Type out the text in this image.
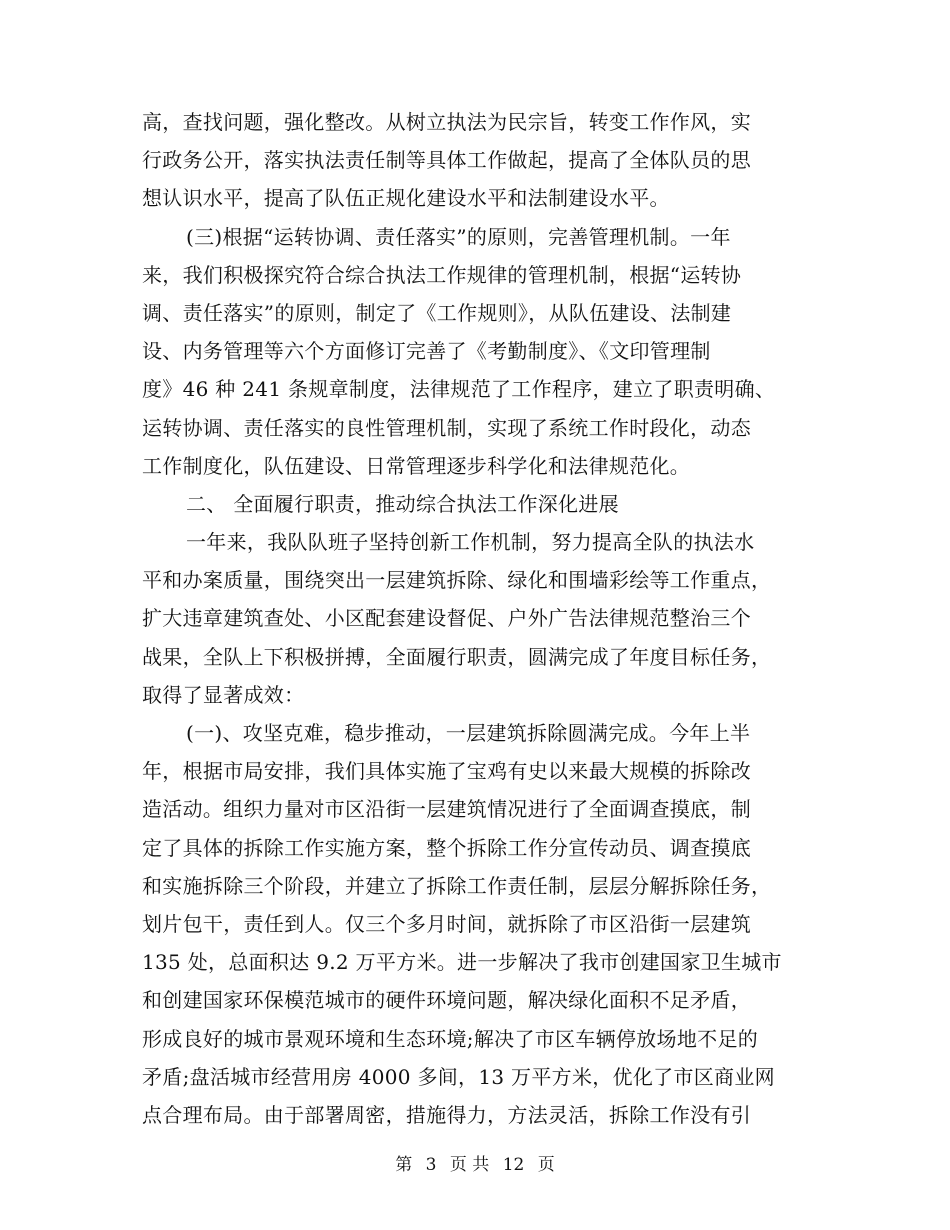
高，查找问题，强化整改。从树立执法为民宗旨，转变工作作风，实
行政务公开，落实执法责任制等具体工作做起，提高了全体队员的思
想认识水平，提高了队伍正规化建设水平和法制建设水平。
(三)根据“运转协调、责任落实”的原则，完善管理机制。一年
来，我们积极探究符合综合执法工作规律的管理机制，根据“运转协
调、责任落实”的原则，制定了《工作规则》，从队伍建设、法制建
设、内务管理等六个方面修订完善了《考勤制度》、《文印管理制
度》46 种 241 条规章制度，法律规范了工作程序，建立了职责明确、
运转协调、责任落实的良性管理机制，实现了系统工作时段化，动态
工作制度化，队伍建设、日常管理逐步科学化和法律规范化。
二、 全面履行职责，推动综合执法工作深化进展
一年来，我队队班子坚持创新工作机制，努力提高全队的执法水
平和办案质量，围绕突出一层建筑拆除、绿化和围墙彩绘等工作重点，
扩大违章建筑查处、小区配套建设督促、户外广告法律规范整治三个
战果，全队上下积极拼搏，全面履行职责，圆满完成了年度目标任务，
取得了显著成效：
(一)、攻坚克难，稳步推动，一层建筑拆除圆满完成。今年上半
年，根据市局安排，我们具体实施了宝鸡有史以来最大规模的拆除改
造活动。组织力量对市区沿街一层建筑情况进行了全面调查摸底，制
定了具体的拆除工作实施方案，整个拆除工作分宣传动员、调查摸底
和实施拆除三个阶段，并建立了拆除工作责任制，层层分解拆除任务，
划片包干，责任到人。仅三个多月时间，就拆除了市区沿街一层建筑
135 处，总面积达 9.2 万平方米。进一步解决了我市创建国家卫生城市
和创建国家环保模范城市的硬件环境问题，解决绿化面积不足矛盾，
形成良好的城市景观环境和生态环境;解决了市区车辆停放场地不足的
矛盾;盘活城市经营用房 4000 多间，13 万平方米，优化了市区商业网
点合理布局。由于部署周密，措施得力，方法灵活，拆除工作没有引
第 3 页 共 12 页
